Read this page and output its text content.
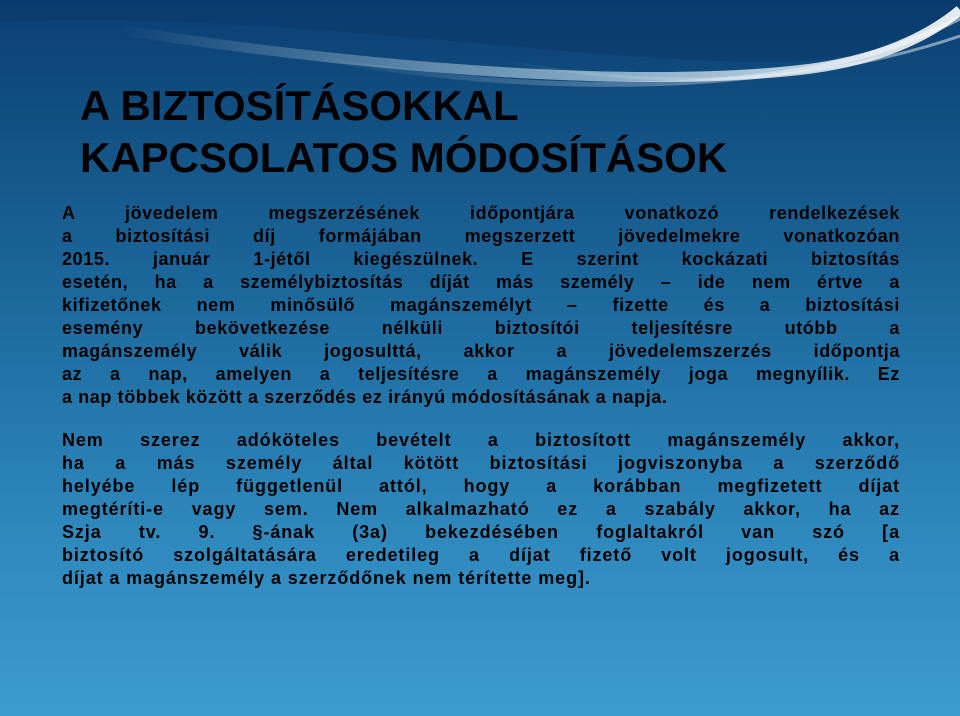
A BIZTOSÍTÁSOKKAL
KAPCSOLATOS MÓDOSÍTÁSOK
A jövedelem megszerzésének időpontjára vonatkozó rendelkezések
a biztosítási díj formájában megszerzett jövedelmekre vonatkozóan
2015. január 1-jétől kiegészülnek. E szerint kockázati biztosítás
esetén, ha a személybiztosítás díját más személy – ide nem értve a
kifizetőnek nem minősülő magánszemélyt – fizette és a biztosítási
esemény bekövetkezése nélküli biztosítói teljesítésre utóbb a
magánszemély válik jogosulttá, akkor a jövedelemszerzés időpontja
az a nap, amelyen a teljesítésre a magánszemély joga megnyílik. Ez
a nap többek között a szerződés ez irányú módosításának a napja.
Nem szerez adóköteles bevételt a biztosított magánszemély akkor,
ha a más személy által kötött biztosítási jogviszonyba a szerződő
helyébe lép függetlenül attól, hogy a korábban megfizetett díjat
megtéríti-e vagy sem. Nem alkalmazható ez a szabály akkor, ha az
Szja tv. 9. §-ának (3a) bekezdésében foglaltakról van szó [a
biztosító szolgáltatására eredetileg a díjat fizető volt jogosult, és a
díjat a magánszemély a szerződőnek nem térítette meg].
